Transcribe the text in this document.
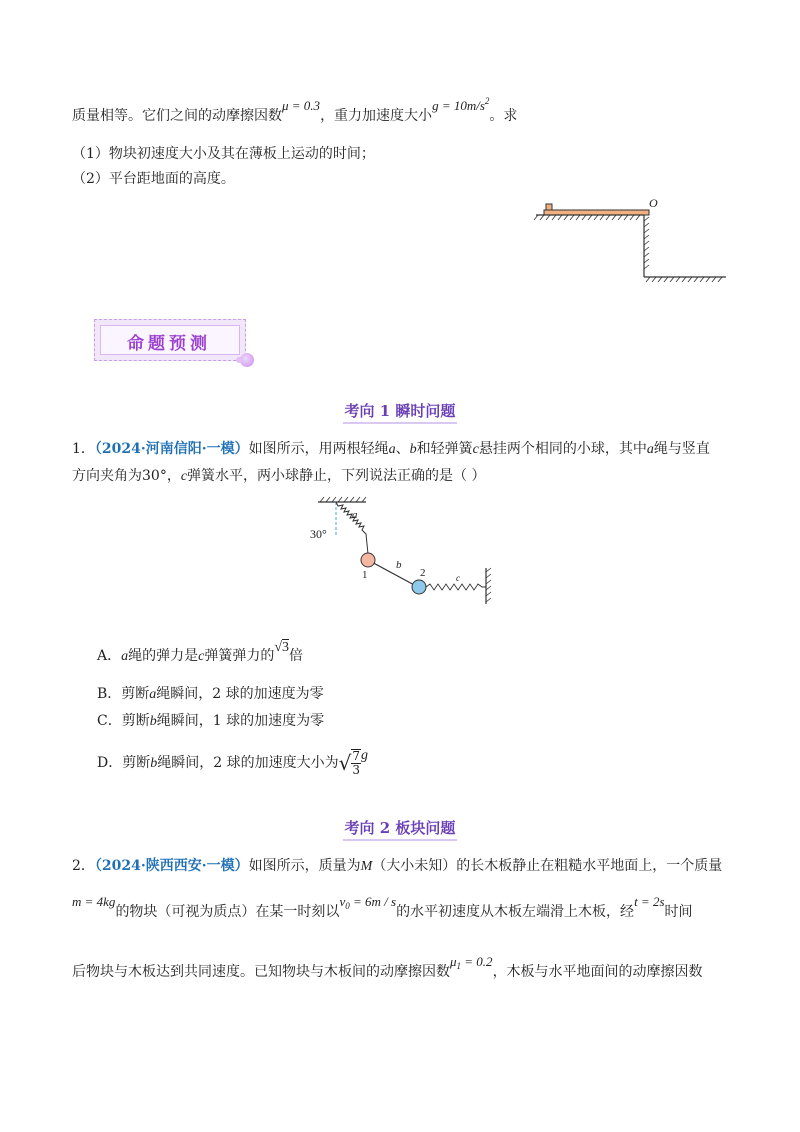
质量相等。它们之间的动摩擦因数μ = 0.3，重力加速度大小$g = 10m/s^2$。求
（1）物块初速度大小及其在薄板上运动的时间；
（2）平台距地面的高度。
O
命题预测
考向 1 瞬时问题
1．（2024·河南信阳·一模）如图所示，用两根轻绳a、b和轻弹簧c悬挂两个相同的小球，其中a绳与竖直
方向夹角为30°，c弹簧水平，两小球静止，下列说法正确的是（ ）
a
30°
b
1	2	c
A．a绳的弹力是c弹簧弹力的√3倍
B．剪断a绳瞬间，2 球的加速度为零
C．剪断b绳瞬间，1 球的加速度为零
D．剪断b绳瞬间，2 球的加速度大小为√ $\frac{7}{3}$ g
考向 2 板块问题
2．（2024·陕西西安·一模）如图所示，质量为M（大小未知）的长木板静止在粗糙水平地面上，一个质量
m = 4kg的物块（可视为质点）在某一时刻以$v_0 = 6m / s$的水平初速度从木板左端滑上木板，经t = 2s时间
后物块与木板达到共同速度。已知物块与木板间的动摩擦因数$\mu_1 = 0.2$，木板与水平地面间的动摩擦因数
